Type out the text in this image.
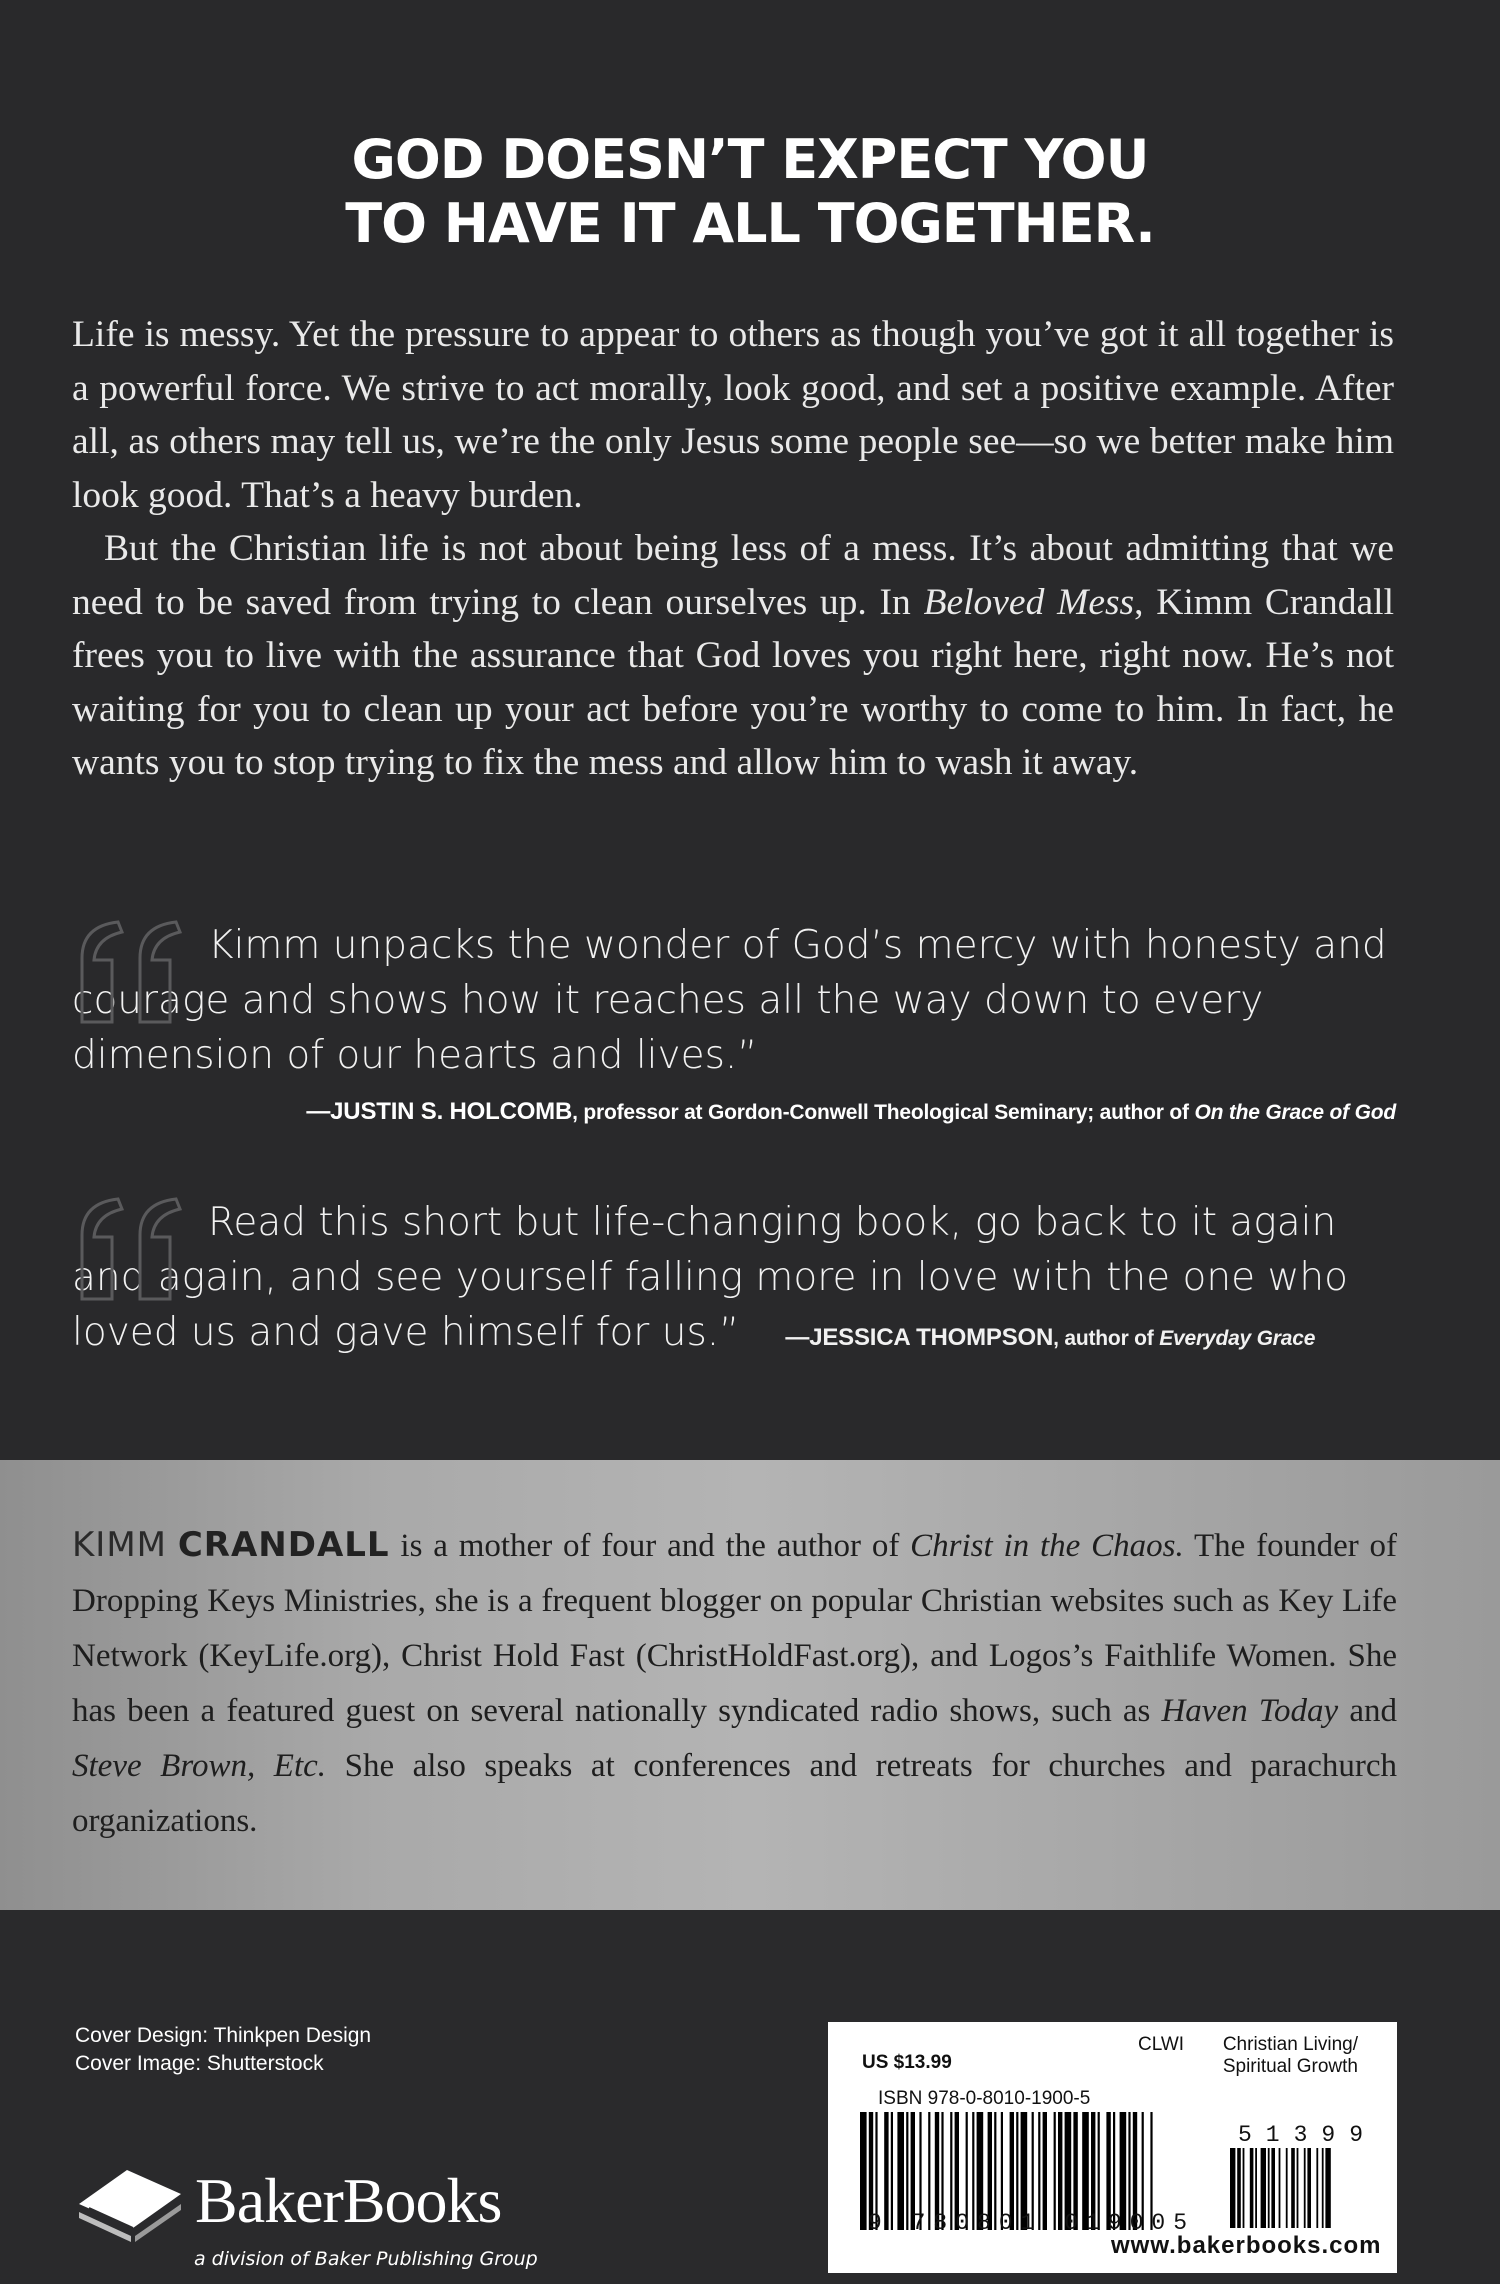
GOD DOESN’T EXPECT YOU
TO HAVE IT ALL TOGETHER.

Life is messy. Yet the pressure to appear to others as though you’ve got it all together is a powerful force. We strive to act morally, look good, and set a positive example. After all, as others may tell us, we’re the only Jesus some people see—so we better make him look good. That’s a heavy burden.

But the Christian life is not about being less of a mess. It’s about admitting that we need to be saved from trying to clean ourselves up. In Beloved Mess, Kimm Crandall frees you to live with the assurance that God loves you right here, right now. He’s not waiting for you to clean up your act before you’re worthy to come to him. In fact, he wants you to stop trying to fix the mess and allow him to wash it away.

Kimm unpacks the wonder of God’s mercy with honesty and courage and shows how it reaches all the way down to every dimension of our hearts and lives.”
—JUSTIN S. HOLCOMB, professor at Gordon-Conwell Theological Seminary; author of On the Grace of God
Read this short but life-changing book, go back to it again and again, and see yourself falling more in love with the one who loved us and gave himself for us.” —JESSICA THOMPSON, author of Everyday Grace
KIMM CRANDALL is a mother of four and the author of Christ in the Chaos. The founder of Dropping Keys Ministries, she is a frequent blogger on popular Christian websites such as Key Life Network (KeyLife.org), Christ Hold Fast (ChristHoldFast.org), and Logos’s Faithlife Women. She has been a featured guest on several nationally syndicated radio shows, such as Haven Today and Steve Brown, Etc. She also speaks at conferences and retreats for churches and parachurch organizations.
Cover Design: Thinkpen Design
Cover Image: Shutterstock
BakerBooks
a division of Baker Publishing Group
US $13.99
ISBN 978-0-8010-1900-5
CLWI	Christian Living/
Spiritual Growth
51399
9 780801 019005
www.bakerbooks.com
